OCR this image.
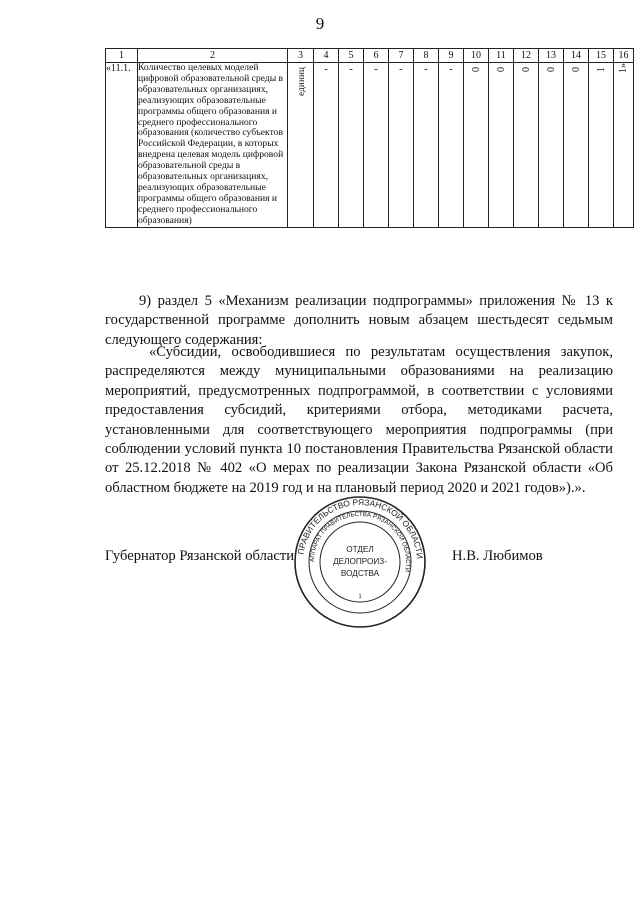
9
1	2	3	4	5	6	7	8	9	10	11	12	13	14	15	16
«11.1.	Количество целевых моделей цифровой образовательной среды в образовательных организациях, реализующих образовательные программы общего образования и среднего профессионального образования (количество субъектов Российской Федерации, в которых внедрена целевая модель цифровой образовательной среды в образовательных организациях, реализующих образовательные программы общего образования и среднего профессионального образования)	единиц	-	-	-	-	-	-	0	0	0	0	0	1	1»

9) раздел 5 «Механизм реализации подпрограммы» приложения № 13 к государственной программе дополнить новым абзацем шестьдесят седьмым следующего содержания:

«Субсидии, освободившиеся по результатам осуществления закупок, распределяются между муниципальными образованиями на реализацию мероприятий, предусмотренных подпрограммой, в соответствии с условиями предоставления субсидий, критериями отбора, методиками расчета, установленными для соответствующего мероприятия подпрограммы (при соблюдении условий пункта 10 постановления Правительства Рязанской области от 25.12.2018 № 402 «О мерах по реализации Закона Рязанской области «Об областном бюджете на 2019 год и на плановый период 2020 и 2021 годов»).».

Губернатор Рязанской области	Н.В. Любимов
ПРАВИТЕЛЬСТВО РЯЗАНСКОЙ ОБЛАСТИ
АППАРАТ ПРАВИТЕЛЬСТВА РЯЗАНСКОЙ ОБЛАСТИ
ОТДЕЛ
ДЕЛОПРОИЗ-
ВОДСТВА
1
